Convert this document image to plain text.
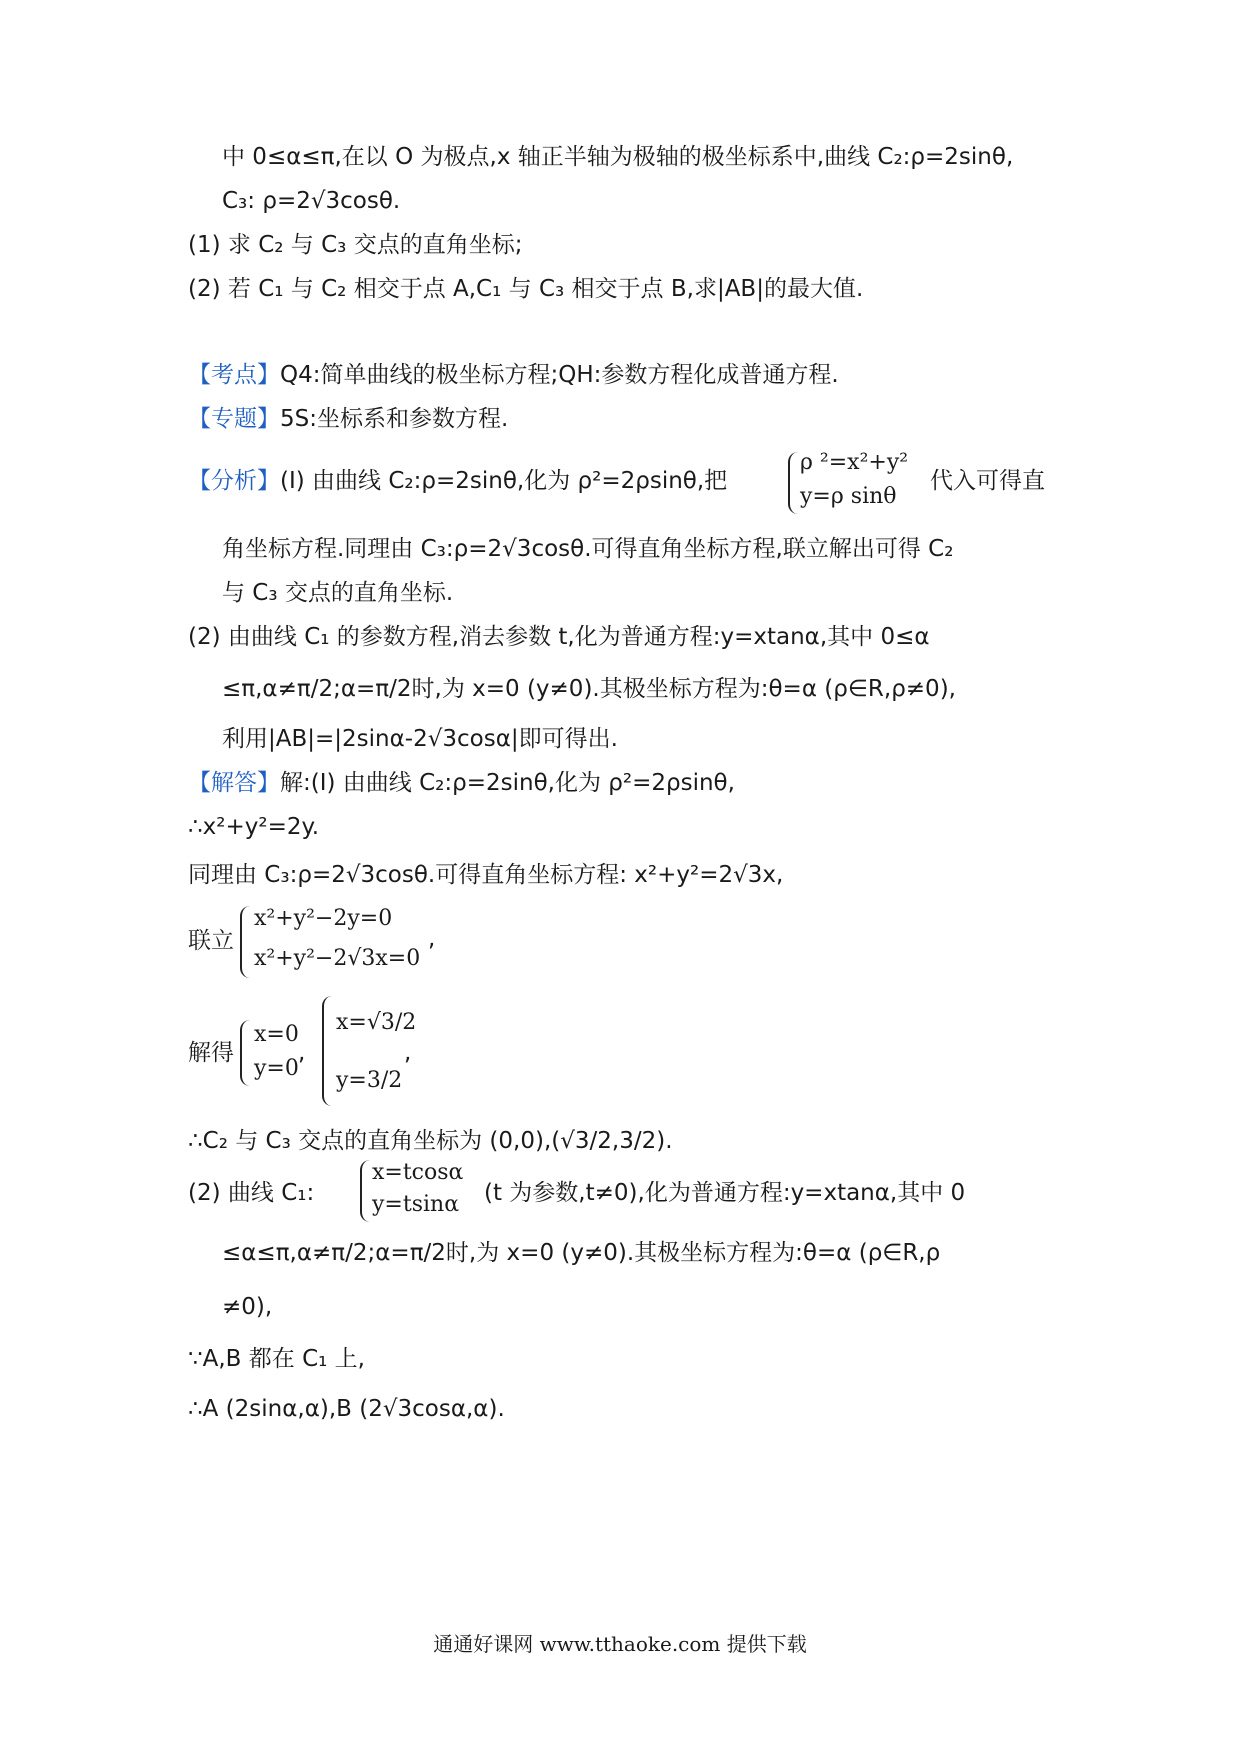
中 0≤α≤π,在以 O 为极点,x 轴正半轴为极轴的极坐标系中,曲线 C₂:ρ=2sinθ,
C₃: ρ=2√3cosθ.
(1) 求 C₂ 与 C₃ 交点的直角坐标;
(2) 若 C₁ 与 C₂ 相交于点 A,C₁ 与 C₃ 相交于点 B,求|AB|的最大值.
【考点】Q4:简单曲线的极坐标方程;QH:参数方程化成普通方程.
【专题】5S:坐标系和参数方程.
【分析】(I) 由曲线 C₂:ρ=2sinθ,化为 ρ²=2ρsinθ,把
ρ ²=x²+y²
y=ρ sinθ
代入可得直
角坐标方程.同理由 C₃:ρ=2√3cosθ.可得直角坐标方程,联立解出可得 C₂
与 C₃ 交点的直角坐标.
(2) 由曲线 C₁ 的参数方程,消去参数 t,化为普通方程:y=xtanα,其中 0≤α
≤π,α≠π/2;α=π/2时,为 x=0 (y≠0).其极坐标方程为:θ=α (ρ∈R,ρ≠0),
利用|AB|=|2sinα-2√3cosα|即可得出.
【解答】解:(I) 由曲线 C₂:ρ=2sinθ,化为 ρ²=2ρsinθ,
∴x²+y²=2y.
同理由 C₃:ρ=2√3cosθ.可得直角坐标方程: x²+y²=2√3x,
联立
x²+y²−2y=0
x²+y²−2√3x=0
,
解得
x=0
y=0
,
x=√3/2
y=3/2
,
∴C₂ 与 C₃ 交点的直角坐标为 (0,0),(√3/2,3/2).
(2) 曲线 C₁:
x=tcosα
y=tsinα (t 为参数,t≠0),化为普通方程:y=xtanα,其中 0
≤α≤π,α≠π/2;α=π/2时,为 x=0 (y≠0).其极坐标方程为:θ=α (ρ∈R,ρ
≠0),
∵A,B 都在 C₁ 上,
∴A (2sinα,α),B (2√3cosα,α).
通通好课网 www.tthaoke.com 提供下载
